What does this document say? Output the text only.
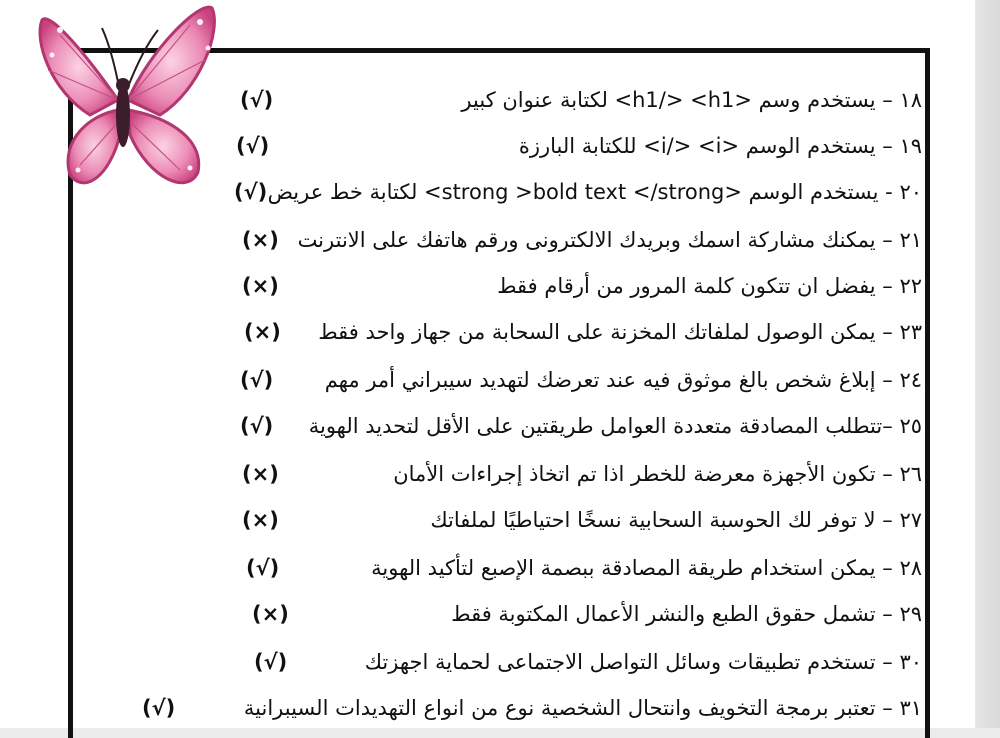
١٨ – يستخدم وسم <h1/> <h1> لكتابة عنوان كبير
(√)
١٩ – يستخدم الوسم <i/> <i> للكتابة البارزة
(√)
٢٠ - يستخدم الوسم <strong >bold text </strong> لكتابة خط عريض
(√)
٢١ – يمكنك مشاركة اسمك وبريدك الالكترونى ورقم هاتفك على الانترنت
(×)
٢٢ – يفضل ان تتكون كلمة المرور من أرقام فقط
(×)
٢٣ – يمكن الوصول لملفاتك المخزنة على السحابة من جهاز واحد فقط
(×)
٢٤ – إبلاغ شخص بالغ موثوق فيه عند تعرضك لتهديد سيبراني أمر مهم
(√)
٢٥ –تتطلب المصادقة متعددة العوامل طريقتين على الأقل لتحديد الهوية
(√)
٢٦ – تكون الأجهزة معرضة للخطر اذا تم اتخاذ إجراءات الأمان
(×)
٢٧ – لا توفر لك الحوسبة السحابية نسخًا احتياطيًا لملفاتك
(×)
٢٨ – يمكن استخدام طريقة المصادقة ببصمة الإصبع لتأكيد الهوية
(√)
٢٩ – تشمل حقوق الطبع والنشر الأعمال المكتوبة فقط
(×)
٣٠ – تستخدم تطبيقات وسائل التواصل الاجتماعى لحماية اجهزتك
(√)
٣١ – تعتبر برمجة التخويف وانتحال الشخصية نوع من انواع التهديدات السيبرانية
(√)
